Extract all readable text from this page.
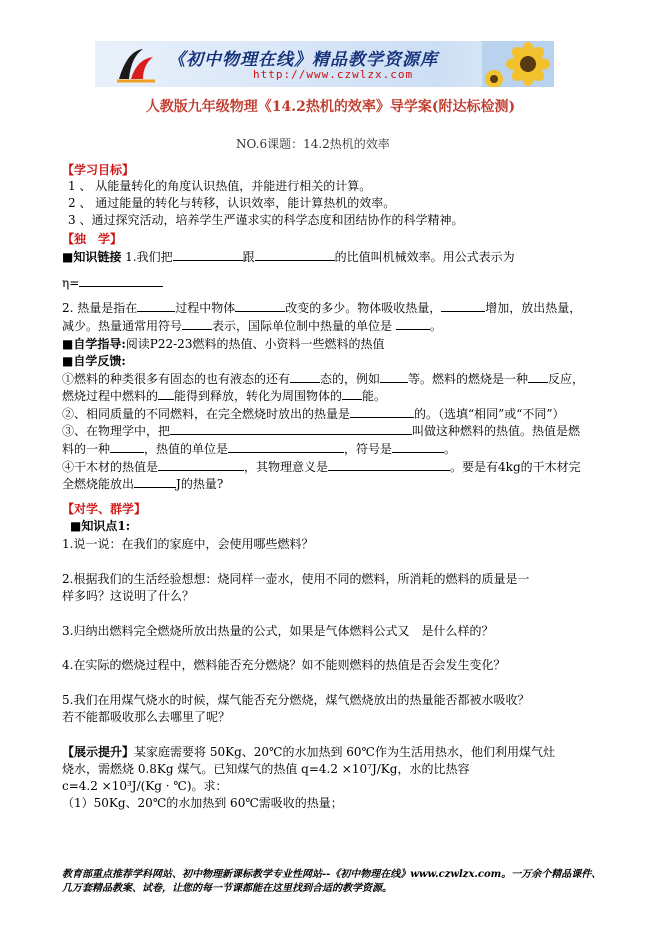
《初中物理在线》精品教学资源库
http://www.czwlzx.com
人教版九年级物理《14.2热机的效率》导学案(附达标检测)
NO.6课题：14.2热机的效率
【学习目标】
1 、 从能量转化的角度认识热值，并能进行相关的计算。
2 、 通过能量的转化与转移，认识效率，能计算热机的效率。
3 、通过探究活动，培养学生严谨求实的科学态度和团结协作的科学精神。
【独　学】
■知识链接 1.我们把	跟	的比值叫机械效率。用公式表示为
η=
2. 热量是指在	过程中物体	改变的多少。物体吸收热量，	增加，放出热量，
减少。热量通常用符号	表示，国际单位制中热量的单位是	。
■自学指导:阅读P22-23燃料的热值、小资料一些燃料的热值
■自学反馈:
①燃料的种类很多有固态的也有液态的还有	态的，例如 等。燃料的燃烧是一种 反应，
燃烧过程中燃料的 能得到释放，转化为周围物体的 能。
②、相同质量的不同燃料，在完全燃烧时放出的热量是	的。（选填“相同”或“不同”）
③、在物理学中，把	叫做这种燃料的热值。热值是燃
料的一种	，热值的单位是	，符号是	。
④干木材的热值是	，其物理意义是	。要是有4kg的干木材完
全燃烧能放出	J的热量?
【对学、群学】
■知识点1:
1.说一说：在我们的家庭中，会使用哪些燃料？
2.根据我们的生活经验想想：烧同样一壶水，使用不同的燃料，所消耗的燃料的质量是一
样多吗？这说明了什么？
3.归纳出燃料完全燃烧所放出热量的公式，如果是气体燃料公式又　是什么样的？
4.在实际的燃烧过程中，燃料能否充分燃烧？如不能则燃料的热值是否会发生变化？
5.我们在用煤气烧水的时候，煤气能否充分燃烧，煤气燃烧放出的热量能否都被水吸收？
若不能都吸收那么去哪里了呢？
【展示提升】某家庭需要将 50Kg、20℃的水加热到 60℃作为生活用热水，他们利用煤气灶
烧水，需燃烧 0.8Kg 煤气。已知煤气的热值 q=4.2 ×10⁷J/Kg，水的比热容
c=4.2 ×10³J/(Kg · ℃)。求：
（1）50Kg、20℃的水加热到 60℃需吸收的热量；
教育部重点推荐学科网站、初中物理新课标教学专业性网站--《初中物理在线》www.czwlzx.com。一万余个精品课件、
几万套精品教案、试卷，让您的每一节课都能在这里找到合适的教学资源。
